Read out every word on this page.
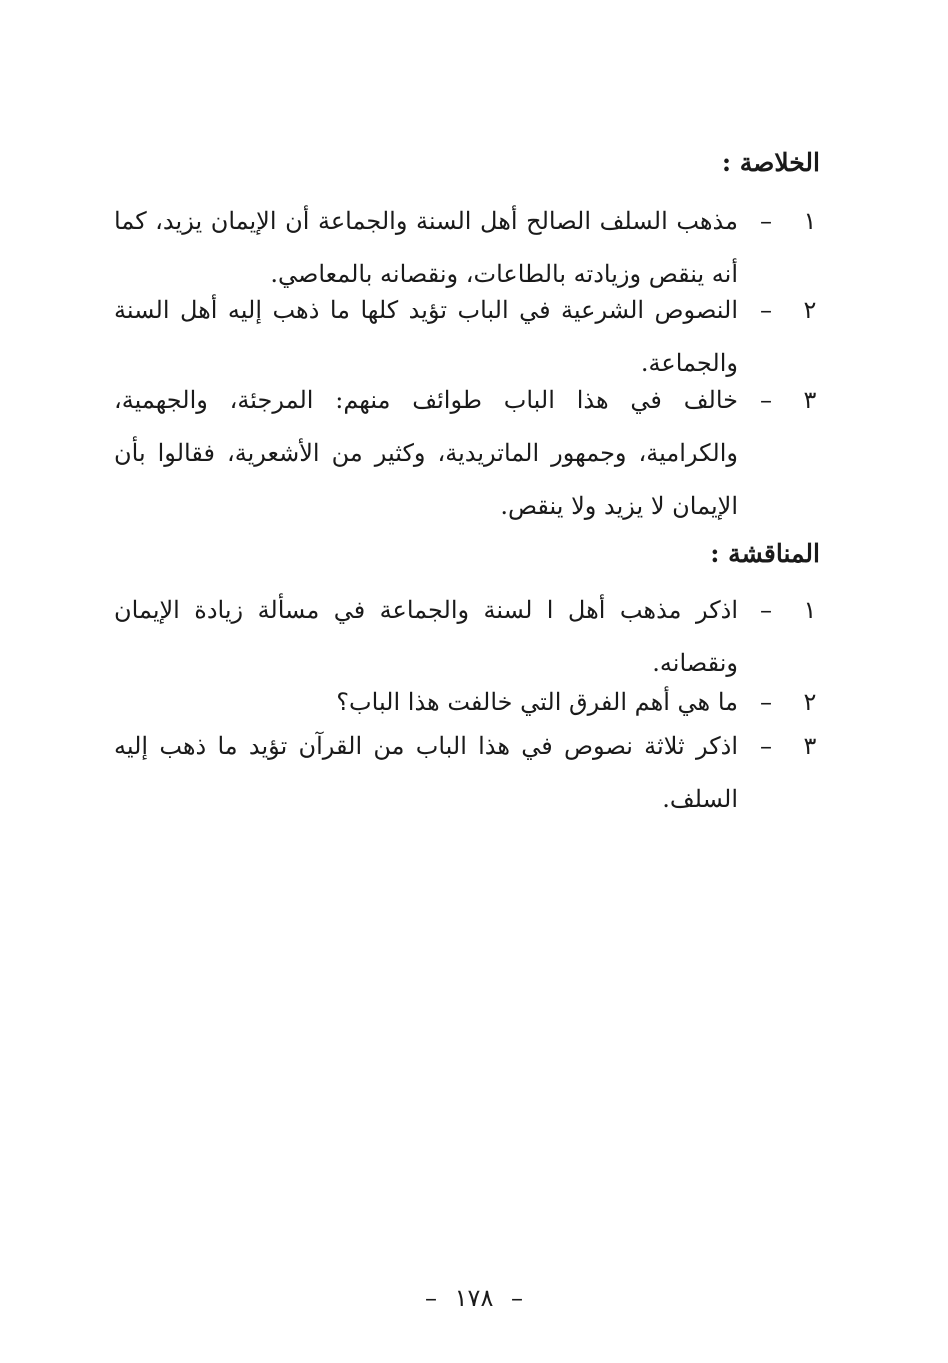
الخلاصة :
١
–
مذهب السلف الصالح أهل السنة والجماعة أن الإيمان يزيد، كما أنه ينقص وزيادته بالطاعات، ونقصانه بالمعاصي.
٢
–
النصوص الشرعية في الباب تؤيد كلها ما ذهب إليه أهل السنة والجماعة.
٣
–
خالف في هذا الباب طوائف منهم: المرجئة، والجهمية، والكرامية، وجمهور الماتريدية، وكثير من الأشعرية، فقالوا بأن الإيمان لا يزيد ولا ينقص.
المناقشة :
١
–
اذكر مذهب أهل ا لسنة والجماعة في مسألة زيادة الإيمان ونقصانه.
٢
–
ما هي أهم الفرق التي خالفت هذا الباب؟
٣
–
اذكر ثلاثة نصوص في هذا الباب من القرآن تؤيد ما ذهب إليه السلف.
– ١٧٨ –
